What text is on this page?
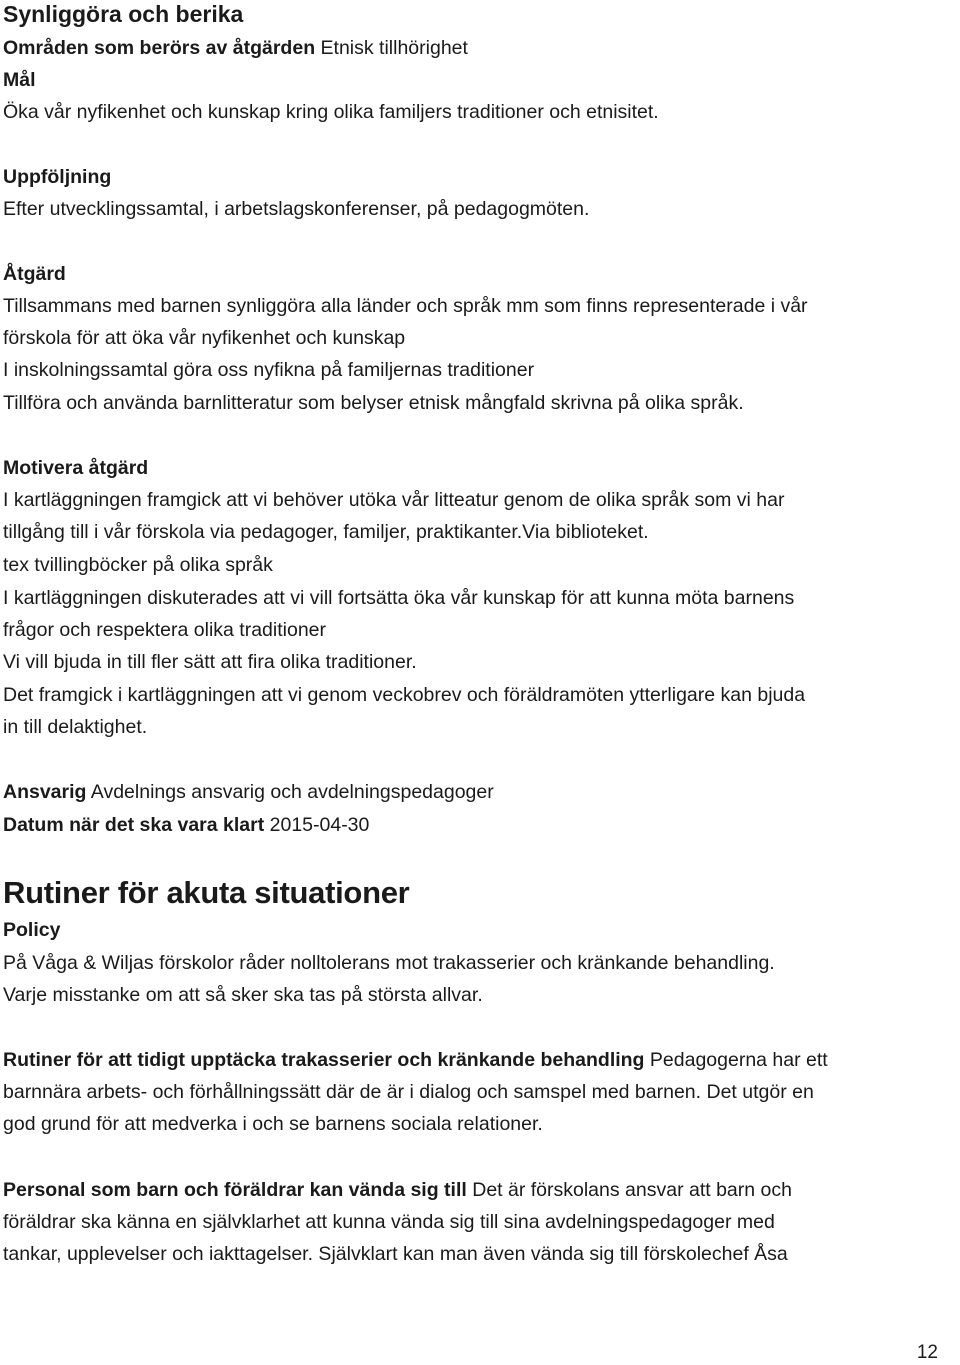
Synliggöra och berika
Områden som berörs av åtgärden Etnisk tillhörighet
Mål
Öka vår nyfikenhet och kunskap kring olika familjers traditioner och etnisitet.
Uppföljning
Efter utvecklingssamtal, i arbetslagskonferenser, på pedagogmöten.
Åtgärd
Tillsammans med barnen synliggöra alla länder och språk mm som finns representerade i vår
förskola för att öka vår nyfikenhet och kunskap
I inskolningssamtal göra oss nyfikna på familjernas traditioner
Tillföra och använda barnlitteratur som belyser etnisk mångfald skrivna på olika språk.
Motivera åtgärd
I kartläggningen framgick att vi behöver utöka vår litteatur genom de olika språk som vi har
tillgång till i vår förskola via pedagoger, familjer, praktikanter.Via biblioteket.
tex tvillingböcker på olika språk
I kartläggningen diskuterades att vi vill fortsätta öka vår kunskap för att kunna möta barnens
frågor och respektera olika traditioner
Vi vill bjuda in till fler sätt att fira olika traditioner.
Det framgick i kartläggningen att vi genom veckobrev och föräldramöten ytterligare kan bjuda
in till delaktighet.
Ansvarig Avdelnings ansvarig och avdelningspedagoger
Datum när det ska vara klart 2015-04-30
Rutiner för akuta situationer
Policy
På Våga & Wiljas förskolor råder nolltolerans mot trakasserier och kränkande behandling.
Varje misstanke om att så sker ska tas på största allvar.
Rutiner för att tidigt upptäcka trakasserier och kränkande behandling Pedagogerna har ett
barnnära arbets- och förhållningssätt där de är i dialog och samspel med barnen. Det utgör en
god grund för att medverka i och se barnens sociala relationer.
Personal som barn och föräldrar kan vända sig till Det är förskolans ansvar att barn och
föräldrar ska känna en självklarhet att kunna vända sig till sina avdelningspedagoger med
tankar, upplevelser och iakttagelser. Självklart kan man även vända sig till förskolechef Åsa
12
